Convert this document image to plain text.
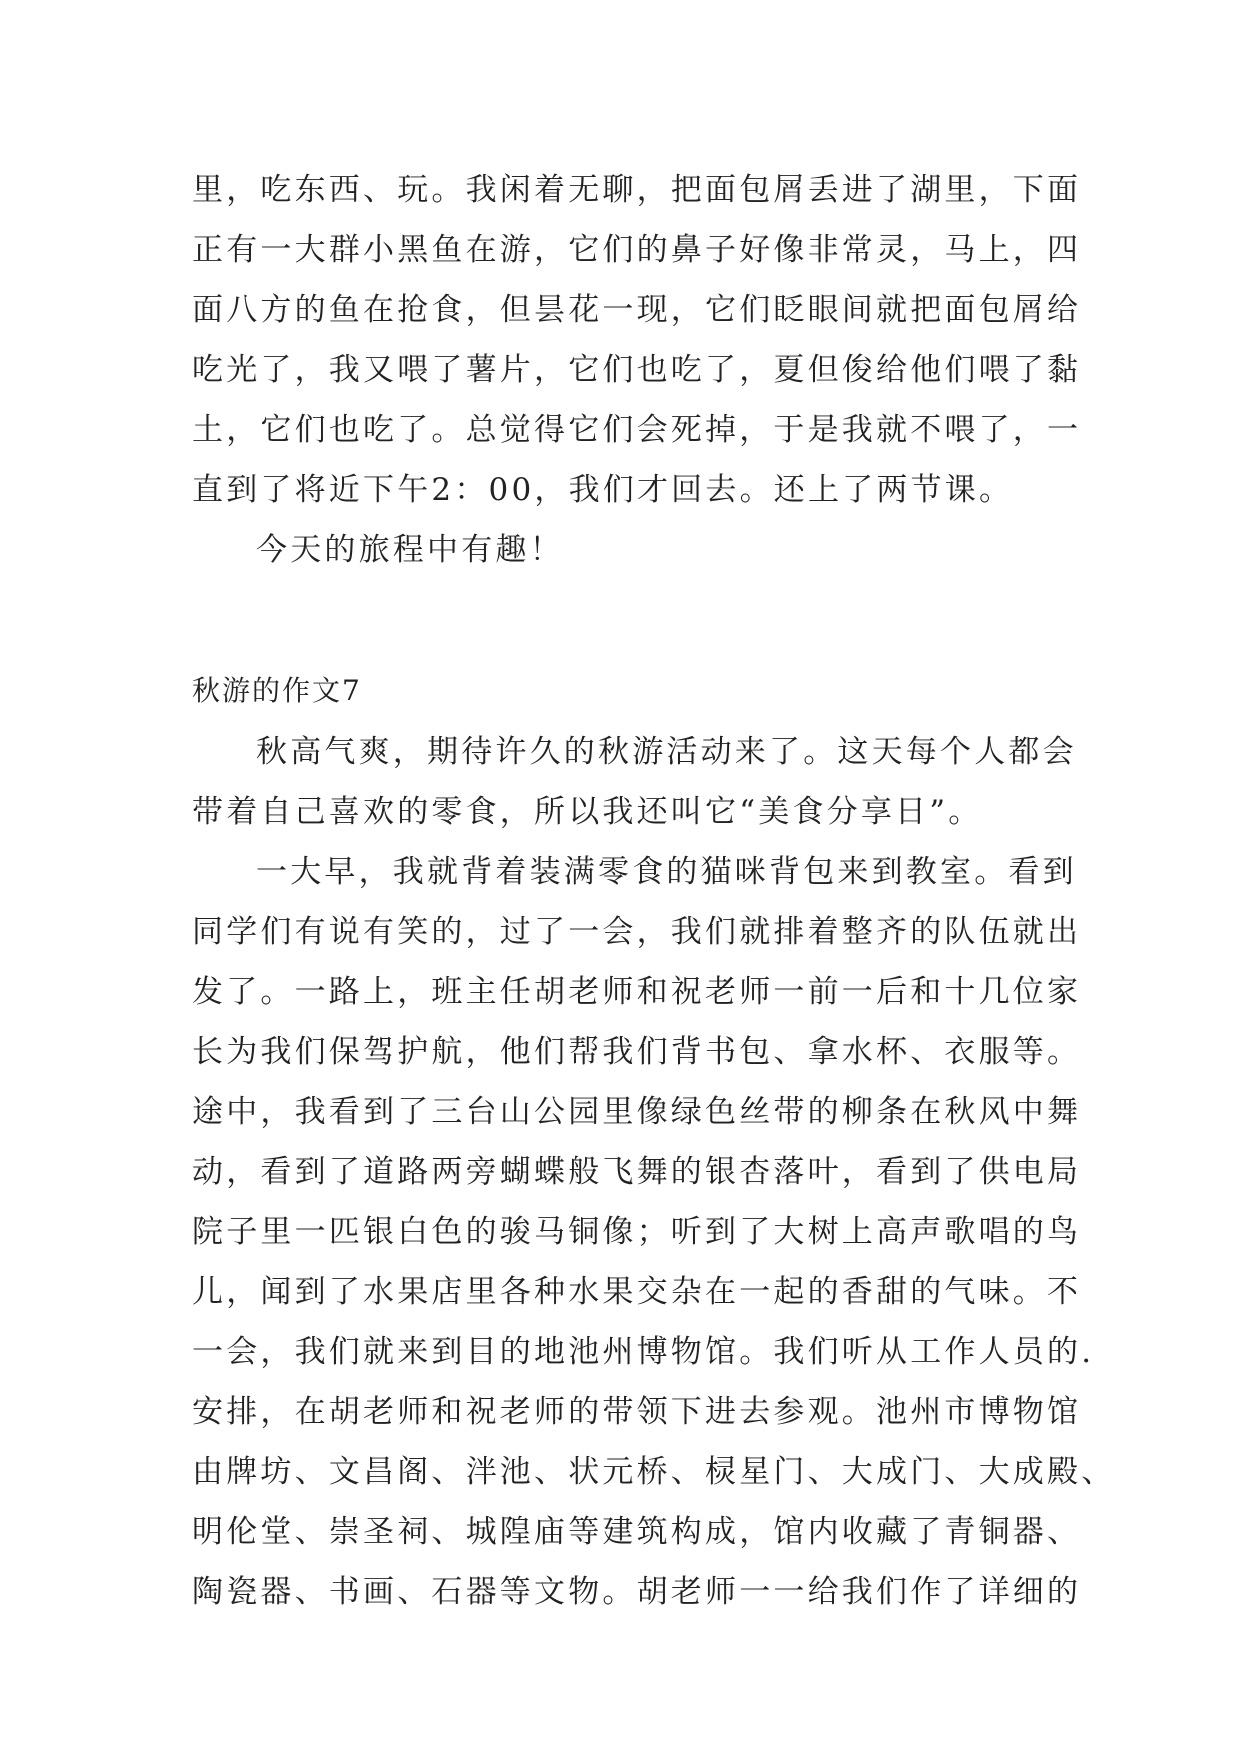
里，吃东西、玩。我闲着无聊，把面包屑丢进了湖里，下面
正有一大群小黑鱼在游，它们的鼻子好像非常灵，马上，四
面八方的鱼在抢食，但昙花一现，它们眨眼间就把面包屑给
吃光了，我又喂了薯片，它们也吃了，夏但俊给他们喂了黏
土，它们也吃了。总觉得它们会死掉，于是我就不喂了，一
直到了将近下午2：00，我们才回去。还上了两节课。
今天的旅程中有趣！
秋游的作文7
秋高气爽，期待许久的秋游活动来了。这天每个人都会
带着自己喜欢的零食，所以我还叫它“美食分享日”。
一大早，我就背着装满零食的猫咪背包来到教室。看到
同学们有说有笑的，过了一会，我们就排着整齐的队伍就出
发了。一路上，班主任胡老师和祝老师一前一后和十几位家
长为我们保驾护航，他们帮我们背书包、拿水杯、衣服等。
途中，我看到了三台山公园里像绿色丝带的柳条在秋风中舞
动，看到了道路两旁蝴蝶般飞舞的银杏落叶，看到了供电局
院子里一匹银白色的骏马铜像；听到了大树上高声歌唱的鸟
儿，闻到了水果店里各种水果交杂在一起的香甜的气味。不
一会，我们就来到目的地池州博物馆。我们听从工作人员的.
安排，在胡老师和祝老师的带领下进去参观。池州市博物馆
由牌坊、文昌阁、泮池、状元桥、棂星门、大成门、大成殿、
明伦堂、崇圣祠、城隍庙等建筑构成，馆内收藏了青铜器、
陶瓷器、书画、石器等文物。胡老师一一给我们作了详细的
